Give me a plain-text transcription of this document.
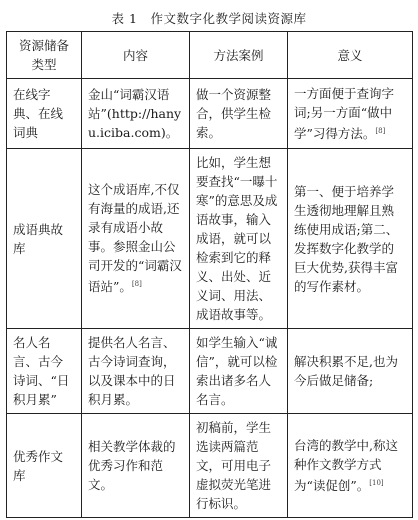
表 1　作文数字化教学阅读资源库
资源储备类型	内容	方法案例	意义
在线字典、在线词典	金山“词霸汉语站”(http://hanyu.iciba.com)。	做一个资源整合，供学生检索。	一方面便于查询字词;另一方面“做中学”习得方法。[8]
成语典故库	这个成语库,不仅有海量的成语,还录有成语小故事。参照金山公司开发的“词霸汉语站”。[8]	比如，学生想要查找“一曝十寒”的意思及成语故事，输入成语，就可以检索到它的释义、出处、近义词、用法、成语故事等。	第一、便于培养学生透彻地理解且熟练使用成语;第二、发挥数字化教学的巨大优势,获得丰富的写作素材。
名人名言、古今诗词、“日积月累”	提供名人名言、古今诗词查询，以及课本中的日积月累。	如学生输入“诚信”，就可以检索出诸多名人名言。	解决积累不足,也为今后做足储备;
优秀作文库	相关教学体裁的优秀习作和范文。	初稿前，学生选读两篇范文，可用电子虚拟荧光笔进行标识。	台湾的教学中,称这种作文教学方式为“读促创”。[10]
